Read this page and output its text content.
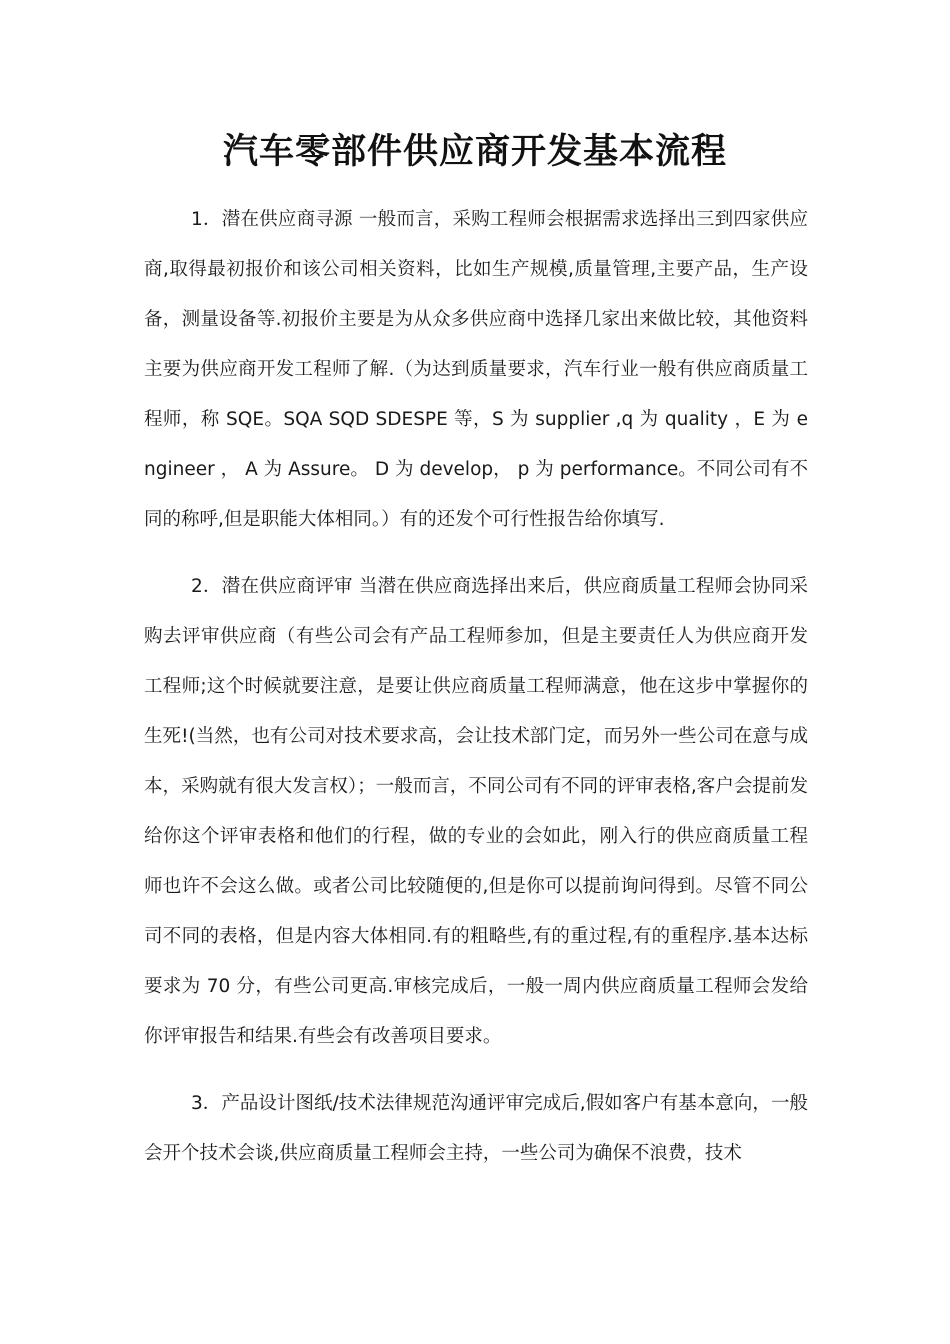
汽车零部件供应商开发基本流程

1．潜在供应商寻源 一般而言，采购工程师会根据需求选择出三到四家供应商,取得最初报价和该公司相关资料，比如生产规模,质量管理,主要产品，生产设备，测量设备等.初报价主要是为从众多供应商中选择几家出来做比较，其他资料主要为供应商开发工程师了解.（为达到质量要求，汽车行业一般有供应商质量工程师，称 SQE。SQA SQD SDESPE 等，S 为 supplier ,q 为 quality ，E 为 engineer ， A 为 Assure。 D 为 develop， p 为 performance。不同公司有不同的称呼,但是职能大体相同。）有的还发个可行性报告给你填写.

2．潜在供应商评审 当潜在供应商选择出来后，供应商质量工程师会协同采购去评审供应商（有些公司会有产品工程师参加，但是主要责任人为供应商开发工程师;这个时候就要注意，是要让供应商质量工程师满意，他在这步中掌握你的生死!(当然，也有公司对技术要求高，会让技术部门定，而另外一些公司在意与成本，采购就有很大发言权）；一般而言，不同公司有不同的评审表格,客户会提前发给你这个评审表格和他们的行程，做的专业的会如此，刚入行的供应商质量工程师也许不会这么做。或者公司比较随便的,但是你可以提前询问得到。尽管不同公司不同的表格，但是内容大体相同.有的粗略些,有的重过程,有的重程序.基本达标要求为 70 分，有些公司更高.审核完成后，一般一周内供应商质量工程师会发给你评审报告和结果.有些会有改善项目要求。

3．产品设计图纸/技术法律规范沟通评审完成后,假如客户有基本意向，一般会开个技术会谈,供应商质量工程师会主持，一些公司为确保不浪费，技术
